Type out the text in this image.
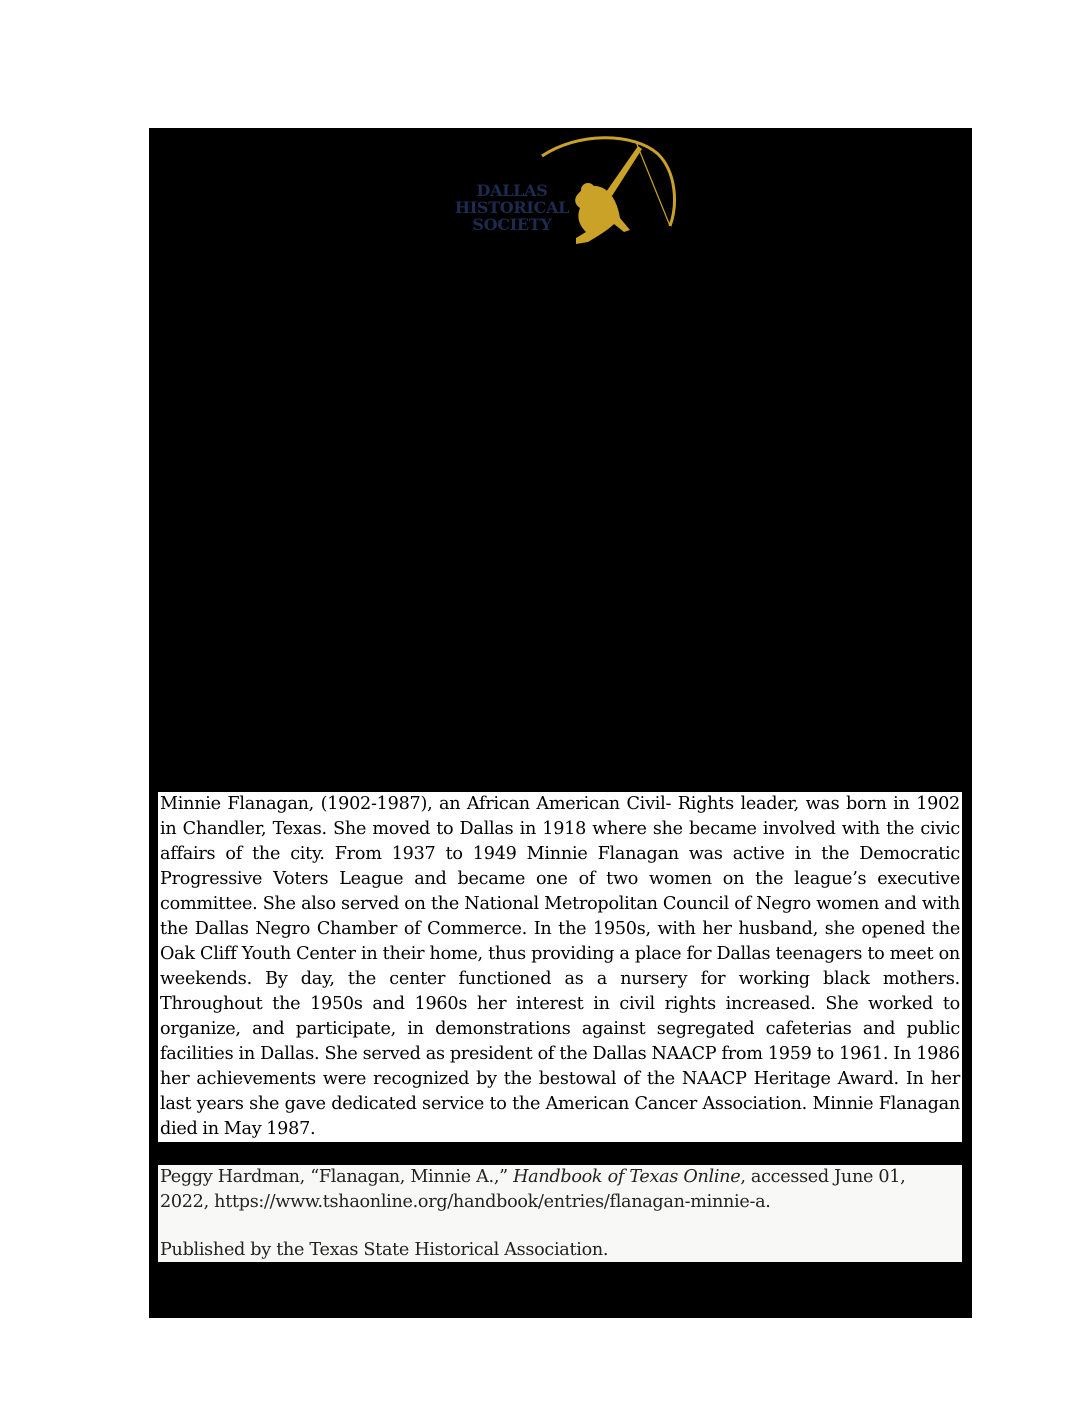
DALLAS
HISTORICAL
SOCIETY
Minnie Flanagan, (1902-1987), an African American Civil- Rights leader, was born in 1902 in Chandler, Texas. She moved to Dallas in 1918 where she became involved with the civic affairs of the city. From 1937 to 1949 Minnie Flanagan was active in the Democratic Progressive Voters League and became one of two women on the league’s executive committee. She also served on the National Metropolitan Council of Negro women and with the Dallas Negro Chamber of Commerce. In the 1950s, with her husband, she opened the Oak Cliff Youth Center in their home, thus providing a place for Dallas teenagers to meet on weekends. By day, the center functioned as a nursery for working black mothers. Throughout the 1950s and 1960s her interest in civil rights increased. She worked to organize, and participate, in demonstrations against segregated cafeterias and public facilities in Dallas. She served as president of the Dallas NAACP from 1959 to 1961. In 1986 her achievements were recognized by the bestowal of the NAACP Heritage Award. In her last years she gave dedicated service to the American Cancer Association. Minnie Flanagan died in May 1987.
Peggy Hardman, “Flanagan, Minnie A.,” Handbook of Texas Online, accessed June 01,
2022, https://www.tshaonline.org/handbook/entries/flanagan-minnie-a.
Published by the Texas State Historical Association.
